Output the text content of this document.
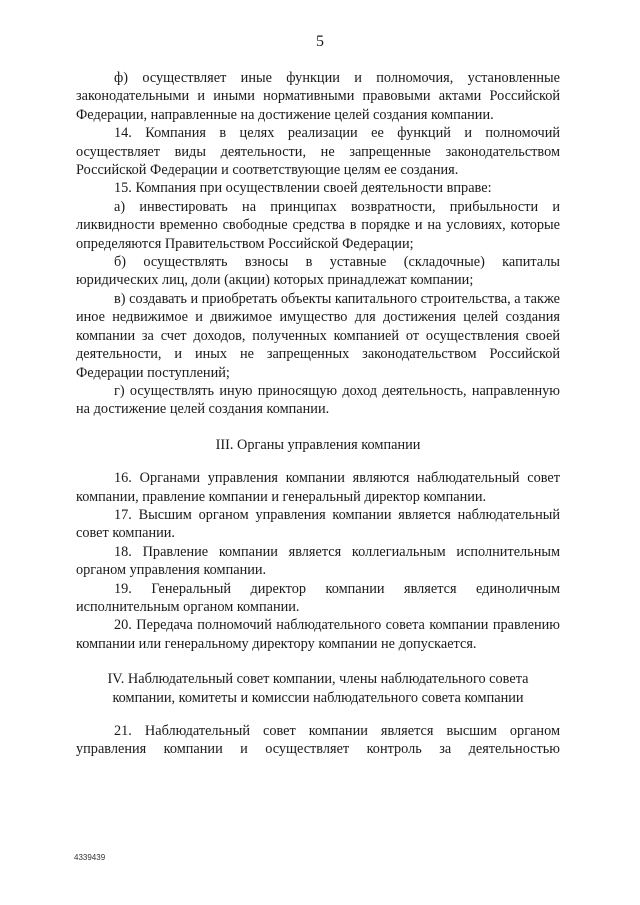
5

ф) осуществляет иные функции и полномочия, установленные законодательными и иными нормативными правовыми актами Российской Федерации, направленные на достижение целей создания компании.

14. Компания в целях реализации ее функций и полномочий осуществляет виды деятельности, не запрещенные законодательством Российской Федерации и соответствующие целям ее создания.

15. Компания при осуществлении своей деятельности вправе:

а) инвестировать на принципах возвратности, прибыльности и ликвидности временно свободные средства в порядке и на условиях, которые определяются Правительством Российской Федерации;

б) осуществлять взносы в уставные (складочные) капиталы юридических лиц, доли (акции) которых принадлежат компании;

в) создавать и приобретать объекты капитального строительства, а также иное недвижимое и движимое имущество для достижения целей создания компании за счет доходов, полученных компанией от осуществления своей деятельности, и иных не запрещенных законодательством Российской Федерации поступлений;

г) осуществлять иную приносящую доход деятельность, направленную на достижение целей создания компании.

III. Органы управления компании

16. Органами управления компании являются наблюдательный совет компании, правление компании и генеральный директор компании.

17. Высшим органом управления компании является наблюдательный совет компании.

18. Правление компании является коллегиальным исполнительным органом управления компании.

19. Генеральный директор компании является единоличным исполнительным органом компании.

20. Передача полномочий наблюдательного совета компании правлению компании или генеральному директору компании не допускается.

IV. Наблюдательный совет компании, члены наблюдательного совета

компании, комитеты и комиссии наблюдательного совета компании

21. Наблюдательный совет компании является высшим органом управления компании и осуществляет контроль за деятельностью

4339439
